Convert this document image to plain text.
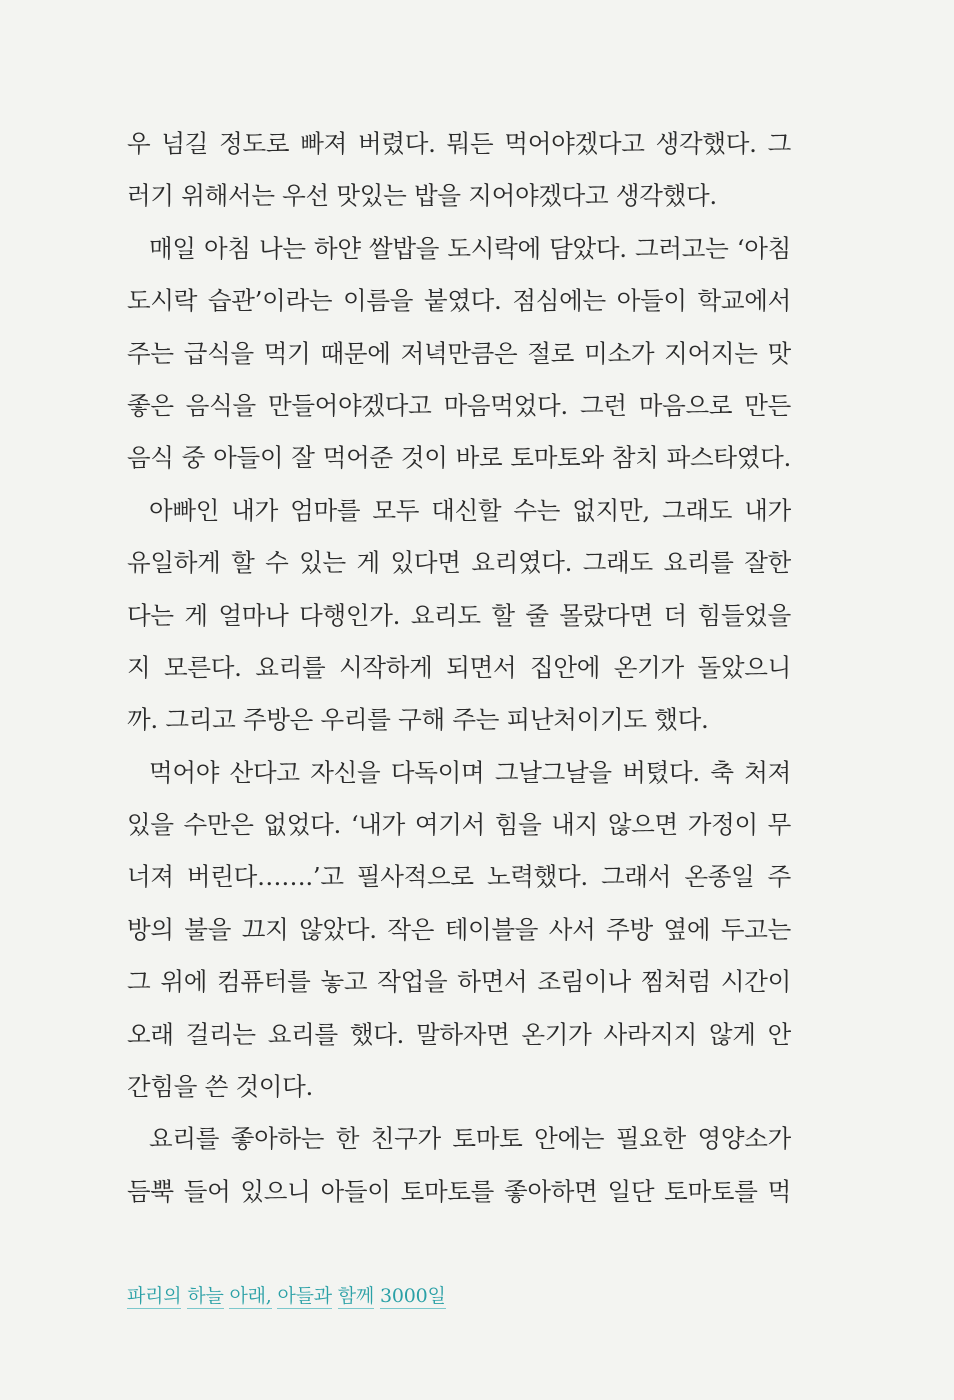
우 넘길 정도로 빠져 버렸다. 뭐든 먹어야겠다고 생각했다. 그
러기 위해서는 우선 맛있는 밥을 지어야겠다고 생각했다.
매일 아침 나는 하얀 쌀밥을 도시락에 담았다. 그러고는 ‘아침
도시락 습관’이라는 이름을 붙였다. 점심에는 아들이 학교에서
주는 급식을 먹기 때문에 저녁만큼은 절로 미소가 지어지는 맛
좋은 음식을 만들어야겠다고 마음먹었다. 그런 마음으로 만든
음식 중 아들이 잘 먹어준 것이 바로 토마토와 참치 파스타였다.
아빠인 내가 엄마를 모두 대신할 수는 없지만, 그래도 내가
유일하게 할 수 있는 게 있다면 요리였다. 그래도 요리를 잘한
다는 게 얼마나 다행인가. 요리도 할 줄 몰랐다면 더 힘들었을
지 모른다. 요리를 시작하게 되면서 집안에 온기가 돌았으니
까. 그리고 주방은 우리를 구해 주는 피난처이기도 했다.
먹어야 산다고 자신을 다독이며 그날그날을 버텼다. 축 처져
있을 수만은 없었다. ‘내가 여기서 힘을 내지 않으면 가정이 무
너져 버린다…….’고 필사적으로 노력했다. 그래서 온종일 주
방의 불을 끄지 않았다. 작은 테이블을 사서 주방 옆에 두고는
그 위에 컴퓨터를 놓고 작업을 하면서 조림이나 찜처럼 시간이
오래 걸리는 요리를 했다. 말하자면 온기가 사라지지 않게 안
간힘을 쓴 것이다.
요리를 좋아하는 한 친구가 토마토 안에는 필요한 영양소가
듬뿍 들어 있으니 아들이 토마토를 좋아하면 일단 토마토를 먹
파리의 하늘 아래, 아들과 함께 3000일
